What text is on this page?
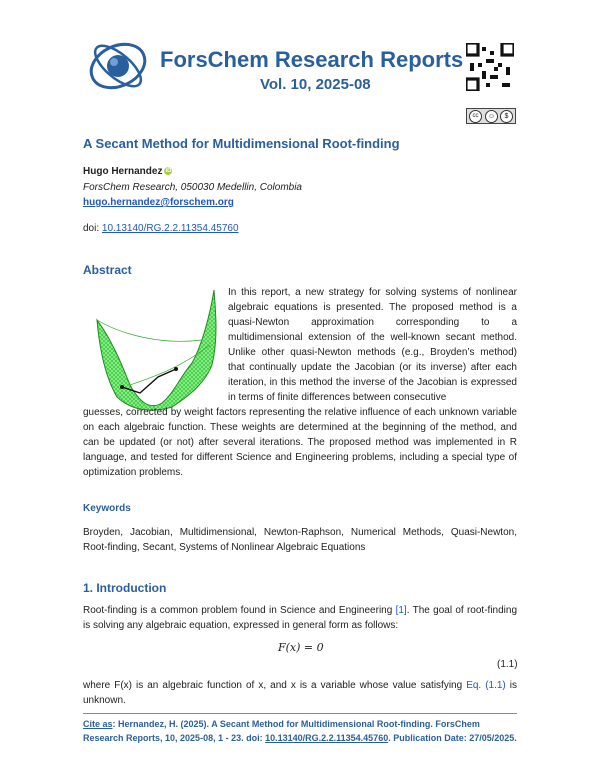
ForsChem Research Reports
Vol. 10, 2025-08
cc	☺	$
A Secant Method for Multidimensional Root-finding
Hugo Hernandez iD
ForsChem Research, 050030 Medellin, Colombia
hugo.hernandez@forschem.org
doi: 10.13140/RG.2.2.11354.45760
Abstract
In this report, a new strategy for solving systems of nonlinear algebraic equations is presented. The proposed method is a quasi-Newton approximation corresponding to a multidimensional extension of the well-known secant method. Unlike other quasi-Newton methods (e.g., Broyden’s method) that continually update the Jacobian (or its inverse) after each iteration, in this method the inverse of the Jacobian is expressed in terms of finite differences between consecutive
guesses, corrected by weight factors representing the relative influence of each unknown variable on each algebraic function. These weights are determined at the beginning of the method, and can be updated (or not) after several iterations. The proposed method was implemented in R language, and tested for different Science and Engineering problems, including a special type of optimization problems.
Keywords
Broyden, Jacobian, Multidimensional, Newton-Raphson, Numerical Methods, Quasi-Newton, Root-finding, Secant, Systems of Nonlinear Algebraic Equations
1. Introduction
Root-finding is a common problem found in Science and Engineering [1]. The goal of root-finding is solving any algebraic equation, expressed in general form as follows:
F(x) = 0
(1.1)
where F(x) is an algebraic function of x, and x is a variable whose value satisfying Eq. (1.1) is unknown.
Cite as: Hernandez, H. (2025). A Secant Method for Multidimensional Root-finding. ForsChem Research Reports, 10, 2025-08, 1 - 23. doi: 10.13140/RG.2.2.11354.45760. Publication Date: 27/05/2025.
